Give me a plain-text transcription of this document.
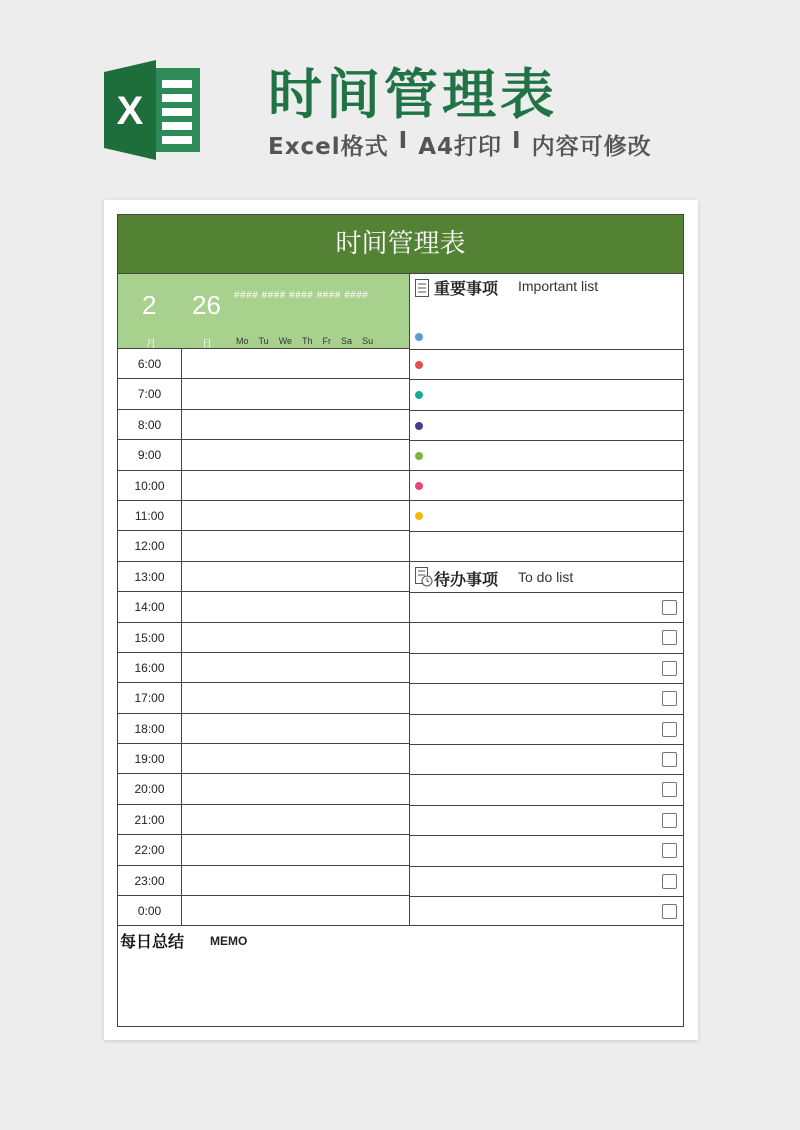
X 时间管理表
Excel格式 I A4打印 I 内容可修改
时间管理表
2 26
月	日
#### #### #### #### ####
Mo Tu We Th Fr Sa Su
6:00
7:00
8:00
9:00
10:00
11:00
12:00
13:00
14:00
15:00
16:00
17:00
18:00
19:00
20:00
21:00
22:00
23:00
0:00
重要事项 Important list
待办事项 To do list
每日总结 MEMO
